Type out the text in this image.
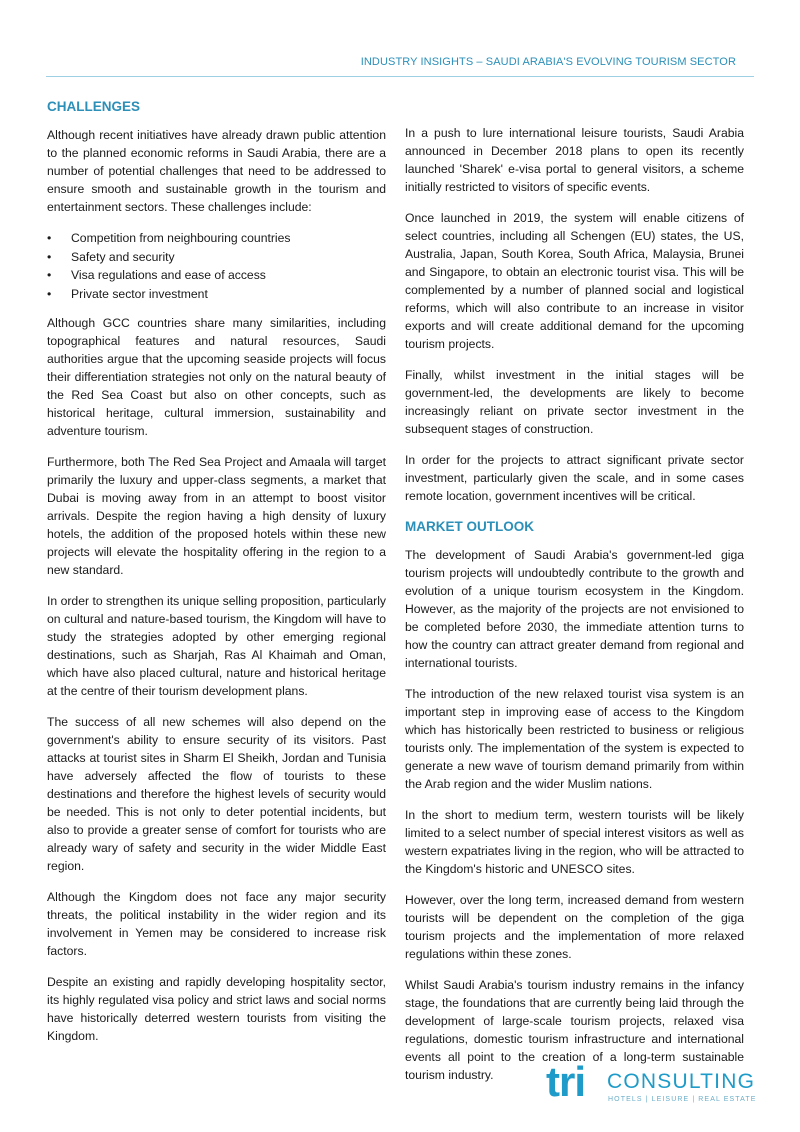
INDUSTRY INSIGHTS – SAUDI ARABIA'S EVOLVING TOURISM SECTOR
CHALLENGES

Although recent initiatives have already drawn public attention to the planned economic reforms in Saudi Arabia, there are a number of potential challenges that need to be addressed to ensure smooth and sustainable growth in the tourism and entertainment sectors. These challenges include:

• Competition from neighbouring countries
• Safety and security
• Visa regulations and ease of access
• Private sector investment

Although GCC countries share many similarities, including topographical features and natural resources, Saudi authorities argue that the upcoming seaside projects will focus their differentiation strategies not only on the natural beauty of the Red Sea Coast but also on other concepts, such as historical heritage, cultural immersion, sustainability and adventure tourism.

Furthermore, both The Red Sea Project and Amaala will target primarily the luxury and upper-class segments, a market that Dubai is moving away from in an attempt to boost visitor arrivals. Despite the region having a high density of luxury hotels, the addition of the proposed hotels within these new projects will elevate the hospitality offering in the region to a new standard.

In order to strengthen its unique selling proposition, particularly on cultural and nature-based tourism, the Kingdom will have to study the strategies adopted by other emerging regional destinations, such as Sharjah, Ras Al Khaimah and Oman, which have also placed cultural, nature and historical heritage at the centre of their tourism development plans.

The success of all new schemes will also depend on the government's ability to ensure security of its visitors. Past attacks at tourist sites in Sharm El Sheikh, Jordan and Tunisia have adversely affected the flow of tourists to these destinations and therefore the highest levels of security would be needed. This is not only to deter potential incidents, but also to provide a greater sense of comfort for tourists who are already wary of safety and security in the wider Middle East region.

Although the Kingdom does not face any major security threats, the political instability in the wider region and its involvement in Yemen may be considered to increase risk factors.

Despite an existing and rapidly developing hospitality sector, its highly regulated visa policy and strict laws and social norms have historically deterred western tourists from visiting the Kingdom.

In a push to lure international leisure tourists, Saudi Arabia announced in December 2018 plans to open its recently launched 'Sharek' e-visa portal to general visitors, a scheme initially restricted to visitors of specific events.

Once launched in 2019, the system will enable citizens of select countries, including all Schengen (EU) states, the US, Australia, Japan, South Korea, South Africa, Malaysia, Brunei and Singapore, to obtain an electronic tourist visa. This will be complemented by a number of planned social and logistical reforms, which will also contribute to an increase in visitor exports and will create additional demand for the upcoming tourism projects.

Finally, whilst investment in the initial stages will be government-led, the developments are likely to become increasingly reliant on private sector investment in the subsequent stages of construction.

In order for the projects to attract significant private sector investment, particularly given the scale, and in some cases remote location, government incentives will be critical.

MARKET OUTLOOK

The development of Saudi Arabia's government-led giga tourism projects will undoubtedly contribute to the growth and evolution of a unique tourism ecosystem in the Kingdom. However, as the majority of the projects are not envisioned to be completed before 2030, the immediate attention turns to how the country can attract greater demand from regional and international tourists.

The introduction of the new relaxed tourist visa system is an important step in improving ease of access to the Kingdom which has historically been restricted to business or religious tourists only. The implementation of the system is expected to generate a new wave of tourism demand primarily from within the Arab region and the wider Muslim nations.

In the short to medium term, western tourists will be likely limited to a select number of special interest visitors as well as western expatriates living in the region, who will be attracted to the Kingdom's historic and UNESCO sites.

However, over the long term, increased demand from western tourists will be dependent on the completion of the giga tourism projects and the implementation of more relaxed regulations within these zones.

Whilst Saudi Arabia's tourism industry remains in the infancy stage, the foundations that are currently being laid through the development of large-scale tourism projects, relaxed visa regulations, domestic tourism infrastructure and international events all point to the creation of a long-term sustainable tourism industry.	tri CONSULTING
HOTELS | LEISURE | REAL ESTATE
